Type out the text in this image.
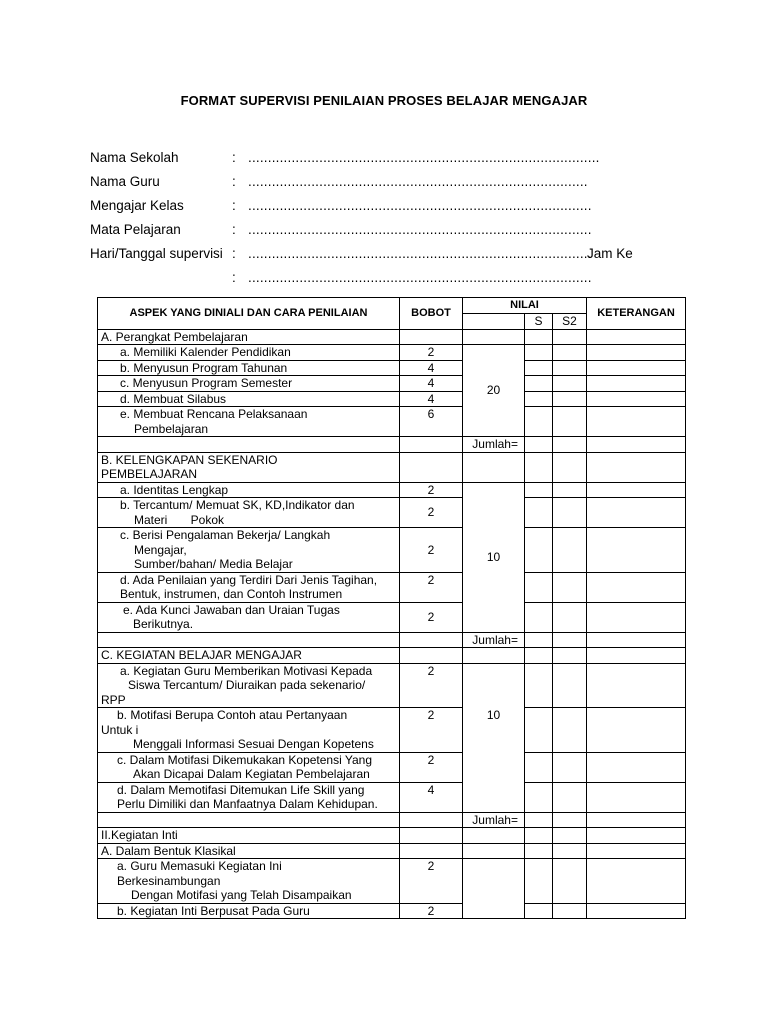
FORMAT SUPERVISI PENILAIAN PROSES BELAJAR MENGAJAR
Nama Sekolah	: .........................................................................................
Nama Guru	: ......................................................................................
Mengajar Kelas	: .......................................................................................
Mata Pelajaran	: .......................................................................................
Hari/Tanggal supervisi : .......................................................................................
Jam Ke
: .......................................................................................
ASPEK YANG DINIALI DAN CARA PENILAIAN	BOBOT	NILAI			KETERANGAN
			S	S2	
A. Perangkat Pembelajaran					
a. Memiliki Kalender Pendidikan	2	20			
b. Menyusun Program Tahunan	4				
c. Menyusun Program Semester	4				
d. Membuat Silabus	4				

e. Membuat Rencana Pelaksanaan
Pembelajaran	6				
		Jumlah=			

B. KELENGKAPAN SEKENARIO
PEMBELAJARAN					

a. Identitas Lengkap	2	10			

b. Tercantum/ Memuat SK, KD,Indikator dan
Materi       Pokok	2				

c. Berisi Pengalaman Bekerja/ Langkah
Mengajar,
Sumber/bahan/ Media Belajar	2				

d. Ada Penilaian yang Terdiri Dari Jenis Tagihan,
Bentuk, instrumen, dan Contoh Instrumen	2				

e. Ada Kunci Jawaban dan Uraian Tugas
Berikutnya.	2				
		Jumlah=			
C. KEGIATAN BELAJAR MENGAJAR					

a. Kegiatan Guru Memberikan Motivasi Kepada
Siswa Tercantum/ Diuraikan pada sekenario/
RPP	2	10			

b. Motifasi Berupa Contoh atau Pertanyaan
Untuk i
Menggali Informasi Sesuai Dengan Kopetens	2				

c. Dalam Motifasi Dikemukakan Kopetensi Yang
Akan Dicapai Dalam Kegiatan Pembelajaran	2				

d. Dalam Memotifasi Ditemukan Life Skill yang
Perlu Dimiliki dan Manfaatnya Dalam Kehidupan.	4				
		Jumlah=			
II.Kegiatan Inti					
A. Dalam Bentuk Klasikal					

a. Guru Memasuki Kegiatan Ini
Berkesinambungan
Dengan Motifasi yang Telah Disampaikan	2				
b. Kegiatan Inti Berpusat Pada Guru	2				
